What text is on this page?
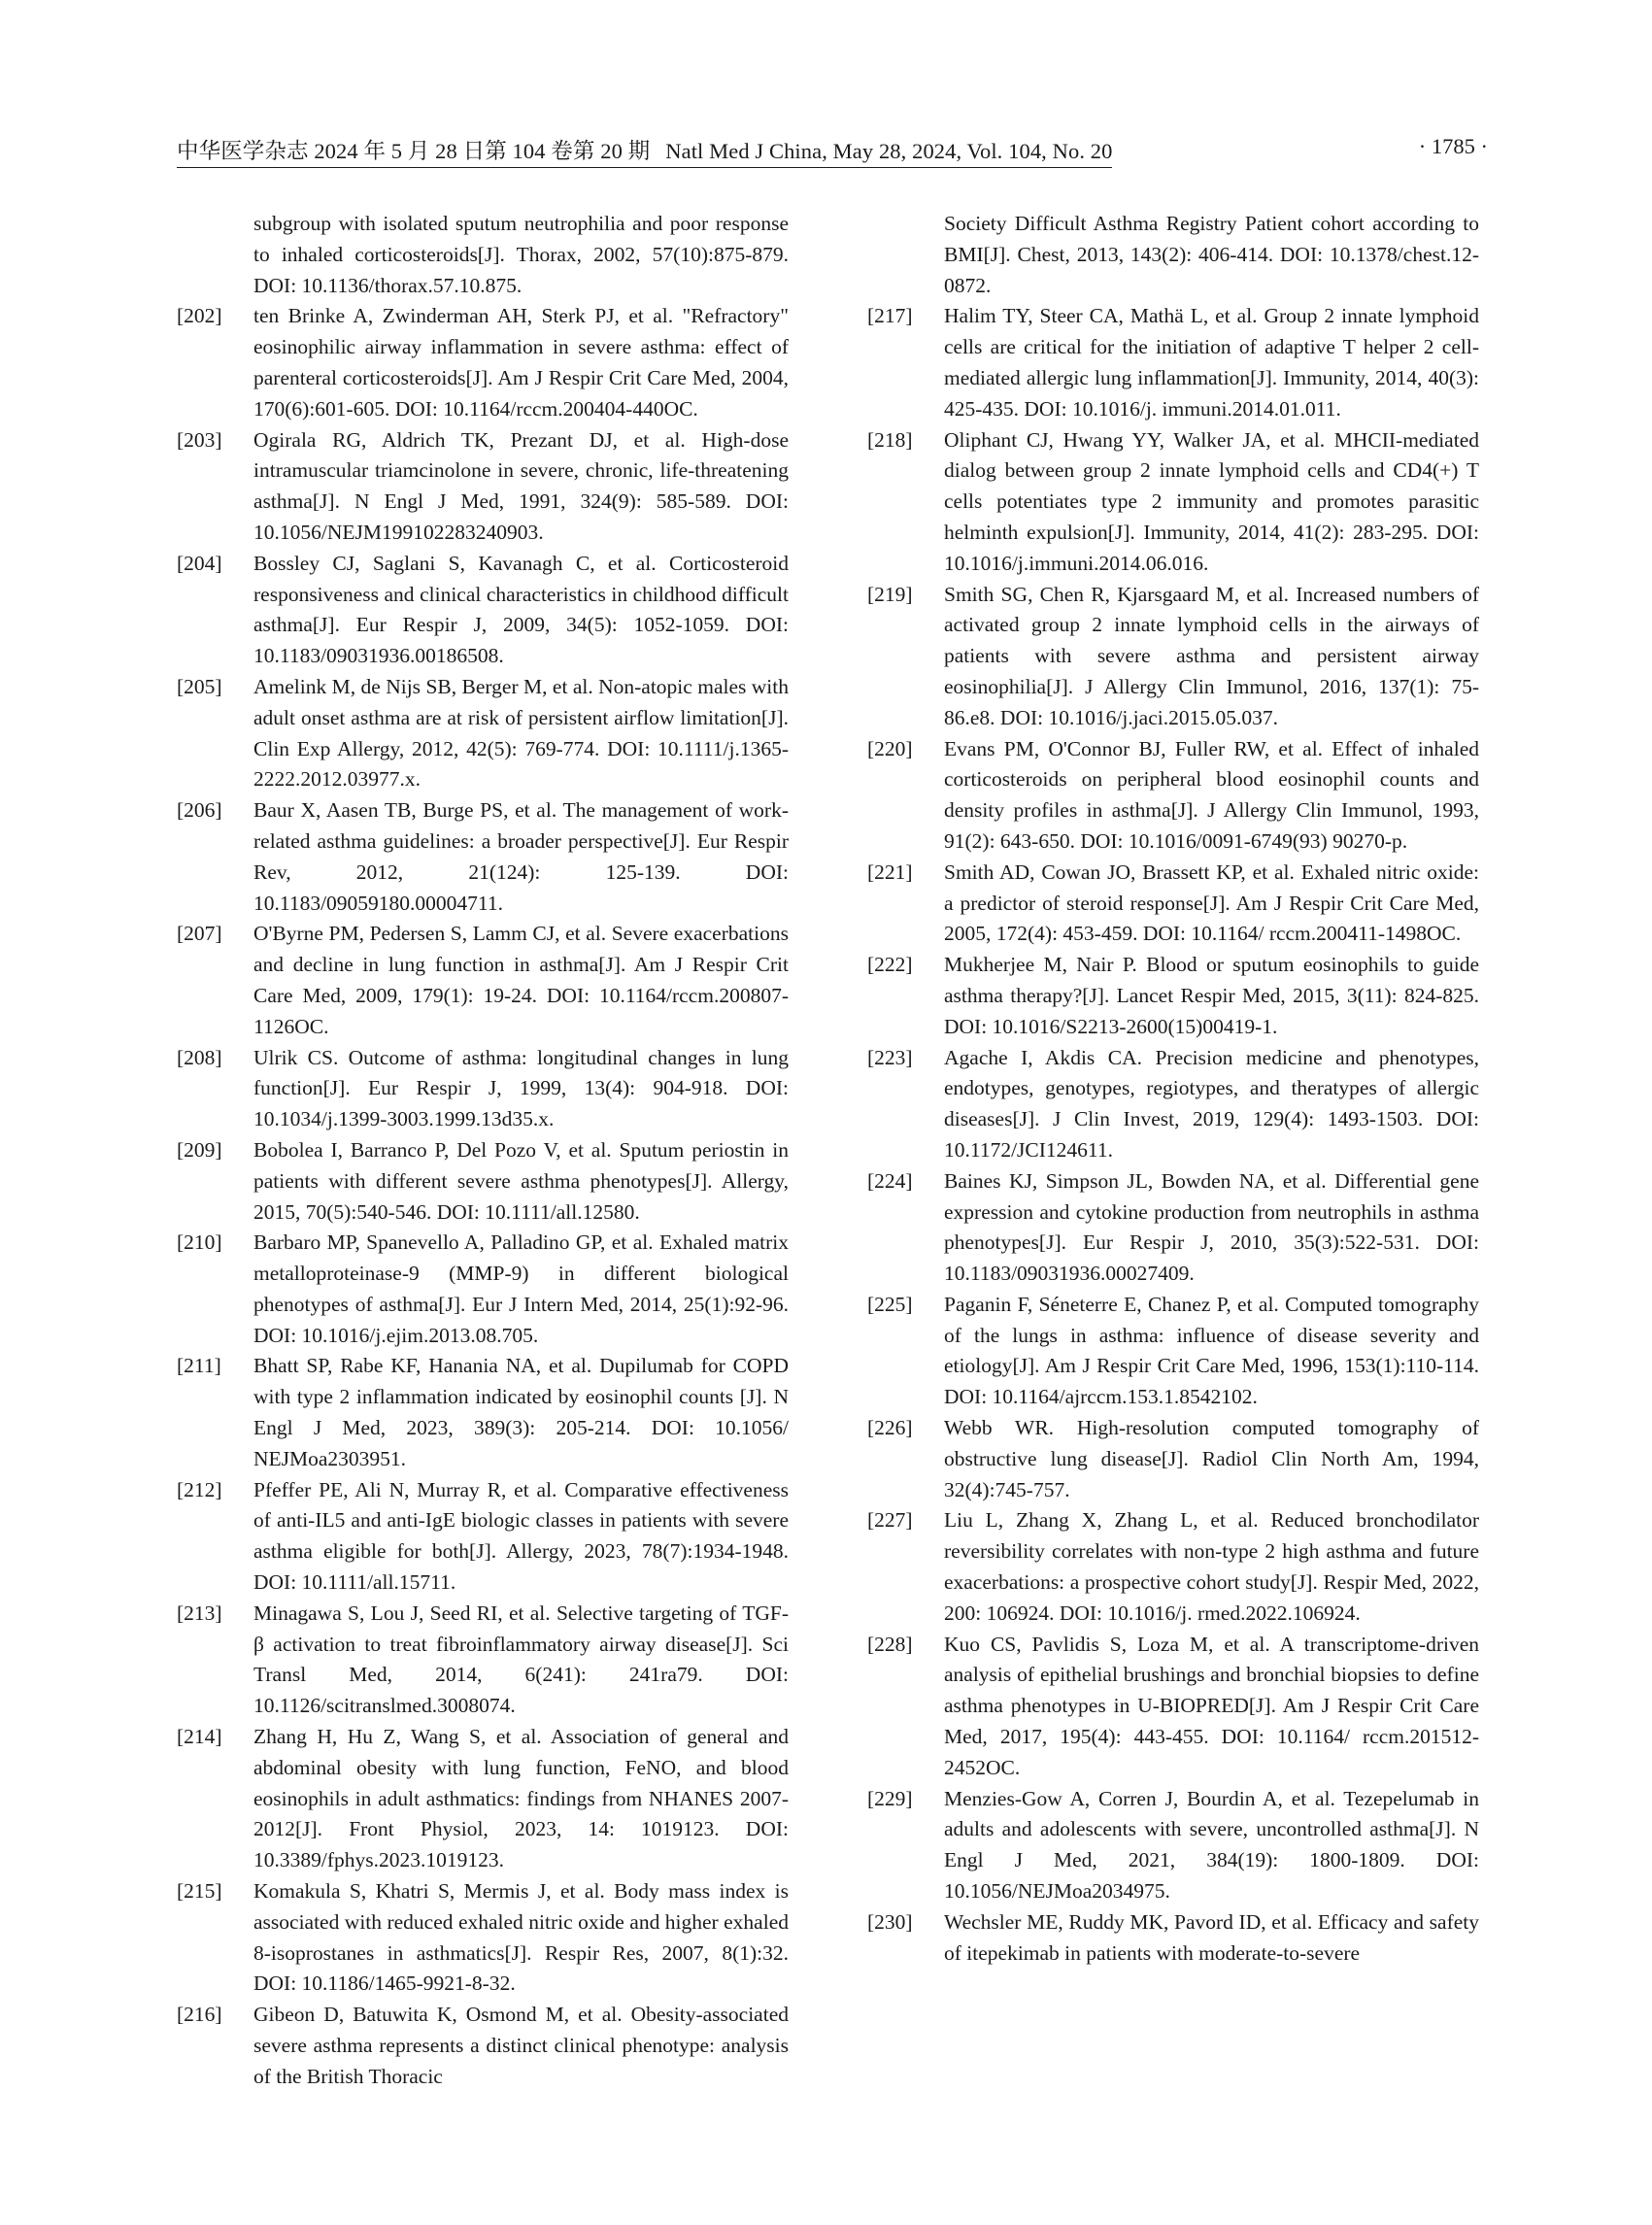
中华医学杂志 2024 年 5 月 28 日第 104 卷第 20 期 Natl Med J China, May 28, 2024, Vol. 104, No. 20	· 1785 ·
subgroup with isolated sputum neutrophilia and poor response to inhaled corticosteroids[J]. Thorax, 2002, 57(10):875-879. DOI: 10.1136/thorax.57.10.875.
[202] ten Brinke A, Zwinderman AH, Sterk PJ, et al. "Refractory" eosinophilic airway inflammation in severe asthma: effect of parenteral corticosteroids[J]. Am J Respir Crit Care Med, 2004, 170(6):601-605. DOI: 10.1164/rccm.200404-440OC.
[203] Ogirala RG, Aldrich TK, Prezant DJ, et al. High-dose intramuscular triamcinolone in severe, chronic, life-threatening asthma[J]. N Engl J Med, 1991, 324(9): 585-589. DOI: 10.1056/NEJM199102283240903.
[204] Bossley CJ, Saglani S, Kavanagh C, et al. Corticosteroid responsiveness and clinical characteristics in childhood difficult asthma[J]. Eur Respir J, 2009, 34(5): 1052-1059. DOI: 10.1183/09031936.00186508.
[205] Amelink M, de Nijs SB, Berger M, et al. Non-atopic males with adult onset asthma are at risk of persistent airflow limitation[J]. Clin Exp Allergy, 2012, 42(5): 769-774. DOI: 10.1111/j.1365-2222.2012.03977.x.
[206] Baur X, Aasen TB, Burge PS, et al. The management of work-related asthma guidelines: a broader perspective[J]. Eur Respir Rev, 2012, 21(124): 125-139. DOI: 10.1183/09059180.00004711.
[207] O'Byrne PM, Pedersen S, Lamm CJ, et al. Severe exacerbations and decline in lung function in asthma[J]. Am J Respir Crit Care Med, 2009, 179(1): 19-24. DOI: 10.1164/rccm.200807-1126OC.
[208] Ulrik CS. Outcome of asthma: longitudinal changes in lung function[J]. Eur Respir J, 1999, 13(4): 904-918. DOI: 10.1034/j.1399-3003.1999.13d35.x.
[209] Bobolea I, Barranco P, Del Pozo V, et al. Sputum periostin in patients with different severe asthma phenotypes[J]. Allergy, 2015, 70(5):540-546. DOI: 10.1111/all.12580.
[210] Barbaro MP, Spanevello A, Palladino GP, et al. Exhaled matrix metalloproteinase-9 (MMP-9) in different biological phenotypes of asthma[J]. Eur J Intern Med, 2014, 25(1):92-96. DOI: 10.1016/j.ejim.2013.08.705.
[211] Bhatt SP, Rabe KF, Hanania NA, et al. Dupilumab for COPD with type 2 inflammation indicated by eosinophil counts [J]. N Engl J Med, 2023, 389(3): 205-214. DOI: 10.1056/ NEJMoa2303951.
[212] Pfeffer PE, Ali N, Murray R, et al. Comparative effectiveness of anti-IL5 and anti-IgE biologic classes in patients with severe asthma eligible for both[J]. Allergy, 2023, 78(7):1934-1948. DOI: 10.1111/all.15711.
[213] Minagawa S, Lou J, Seed RI, et al. Selective targeting of TGF-β activation to treat fibroinflammatory airway disease[J]. Sci Transl Med, 2014, 6(241): 241ra79. DOI: 10.1126/scitranslmed.3008074.
[214] Zhang H, Hu Z, Wang S, et al. Association of general and abdominal obesity with lung function, FeNO, and blood eosinophils in adult asthmatics: findings from NHANES 2007-2012[J]. Front Physiol, 2023, 14: 1019123. DOI: 10.3389/fphys.2023.1019123.
[215] Komakula S, Khatri S, Mermis J, et al. Body mass index is associated with reduced exhaled nitric oxide and higher exhaled 8-isoprostanes in asthmatics[J]. Respir Res, 2007, 8(1):32. DOI: 10.1186/1465-9921-8-32.
[216] Gibeon D, Batuwita K, Osmond M, et al. Obesity-associated severe asthma represents a distinct clinical phenotype: analysis of the British Thoracic
Society Difficult Asthma Registry Patient cohort according to BMI[J]. Chest, 2013, 143(2): 406-414. DOI: 10.1378/chest.12-0872.
[217] Halim TY, Steer CA, Mathä L, et al. Group 2 innate lymphoid cells are critical for the initiation of adaptive T helper 2 cell-mediated allergic lung inflammation[J]. Immunity, 2014, 40(3): 425-435. DOI: 10.1016/j. immuni.2014.01.011.
[218] Oliphant CJ, Hwang YY, Walker JA, et al. MHCII-mediated dialog between group 2 innate lymphoid cells and CD4(+) T cells potentiates type 2 immunity and promotes parasitic helminth expulsion[J]. Immunity, 2014, 41(2): 283-295. DOI: 10.1016/j.immuni.2014.06.016.
[219] Smith SG, Chen R, Kjarsgaard M, et al. Increased numbers of activated group 2 innate lymphoid cells in the airways of patients with severe asthma and persistent airway eosinophilia[J]. J Allergy Clin Immunol, 2016, 137(1): 75-86.e8. DOI: 10.1016/j.jaci.2015.05.037.
[220] Evans PM, O'Connor BJ, Fuller RW, et al. Effect of inhaled corticosteroids on peripheral blood eosinophil counts and density profiles in asthma[J]. J Allergy Clin Immunol, 1993, 91(2): 643-650. DOI: 10.1016/0091-6749(93) 90270-p.
[221] Smith AD, Cowan JO, Brassett KP, et al. Exhaled nitric oxide: a predictor of steroid response[J]. Am J Respir Crit Care Med, 2005, 172(4): 453-459. DOI: 10.1164/ rccm.200411-1498OC.
[222] Mukherjee M, Nair P. Blood or sputum eosinophils to guide asthma therapy?[J]. Lancet Respir Med, 2015, 3(11): 824-825. DOI: 10.1016/S2213-2600(15)00419-1.
[223] Agache I, Akdis CA. Precision medicine and phenotypes, endotypes, genotypes, regiotypes, and theratypes of allergic diseases[J]. J Clin Invest, 2019, 129(4): 1493-1503. DOI: 10.1172/JCI124611.
[224] Baines KJ, Simpson JL, Bowden NA, et al. Differential gene expression and cytokine production from neutrophils in asthma phenotypes[J]. Eur Respir J, 2010, 35(3):522-531. DOI: 10.1183/09031936.00027409.
[225] Paganin F, Séneterre E, Chanez P, et al. Computed tomography of the lungs in asthma: influence of disease severity and etiology[J]. Am J Respir Crit Care Med, 1996, 153(1):110-114. DOI: 10.1164/ajrccm.153.1.8542102.
[226] Webb WR. High-resolution computed tomography of obstructive lung disease[J]. Radiol Clin North Am, 1994, 32(4):745-757.
[227] Liu L, Zhang X, Zhang L, et al. Reduced bronchodilator reversibility correlates with non-type 2 high asthma and future exacerbations: a prospective cohort study[J]. Respir Med, 2022, 200: 106924. DOI: 10.1016/j. rmed.2022.106924.
[228] Kuo CS, Pavlidis S, Loza M, et al. A transcriptome-driven analysis of epithelial brushings and bronchial biopsies to define asthma phenotypes in U-BIOPRED[J]. Am J Respir Crit Care Med, 2017, 195(4): 443-455. DOI: 10.1164/ rccm.201512-2452OC.
[229] Menzies-Gow A, Corren J, Bourdin A, et al. Tezepelumab in adults and adolescents with severe, uncontrolled asthma[J]. N Engl J Med, 2021, 384(19): 1800-1809. DOI: 10.1056/NEJMoa2034975.
[230] Wechsler ME, Ruddy MK, Pavord ID, et al. Efficacy and safety of itepekimab in patients with moderate-to-severe
